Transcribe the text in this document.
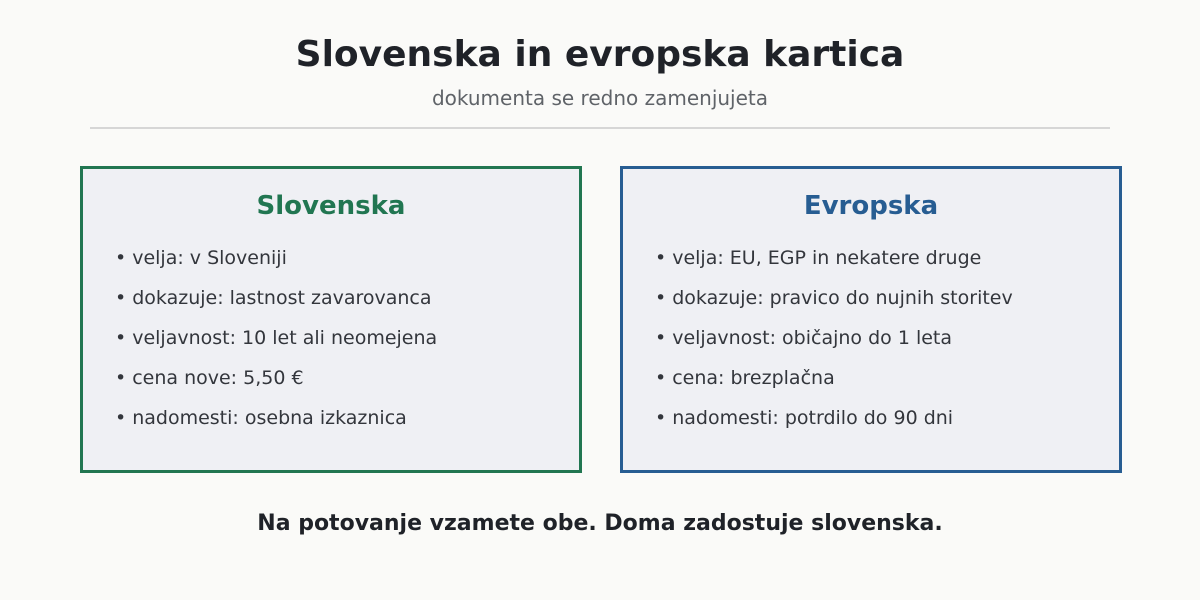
Slovenska in evropska kartica
dokumenta se redno zamenjujeta
Slovenska
• velja: v Sloveniji
• dokazuje: lastnost zavarovanca
• veljavnost: 10 let ali neomejena
• cena nove: 5,50 €
• nadomesti: osebna izkaznica
Evropska
• velja: EU, EGP in nekatere druge
• dokazuje: pravico do nujnih storitev
• veljavnost: običajno do 1 leta
• cena: brezplačna
• nadomesti: potrdilo do 90 dni
Na potovanje vzamete obe. Doma zadostuje slovenska.
